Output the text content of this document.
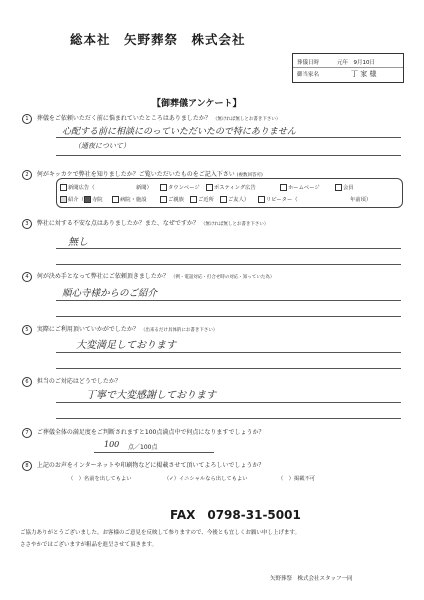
総本社　矢野葬祭　株式会社
葬儀日時	元年　9月10日
御当家名	丁 家 様
【御葬儀アンケート】
1 葬儀をご依頼いただく前に悩まれていたところはありましたか？ （無ければ無しとお書き下さい）
心配する前に相談にのっていただいたので特にありません
（通夜について）
2 何がキッカケで弊社を知りましたか？ご覧いただいたものをご記入下さい (複数回答可)
新聞広告（	新聞）	タウンページ	ポスティング広告	ホームページ	会員
紹介（	寺院	病院・施設	ご親族	ご近所	ご友人）	リピーター（	年前頃）
3 弊社に対する不安な点はありましたか？また、なぜですか？ （無ければ無しとお書き下さい）
無し
4 何が決め手となって弊社にご依頼頂きましたか？ （例・電話対応・打合せ時の対応・知っていた為）
順心寺様からのご紹介
5 実際にご利用頂いていかがでしたか？ （出来るだけ具体的にお書き下さい）
大変満足しております
6 担当のご対応はどうでしたか？
丁寧で大変感謝しております
7 ご葬儀全体の満足度をご判断されますと100点満点中で何点になりますでしょうか？
100 点／100点
8 上記のお声をインターネットや印刷物などに掲載させて頂いてよろしいでしょうか？
（　）名前を出してもよい	（✓）イニシャルなら出してもよい	（　）掲載不可
FAX　0798-31-5001
ご協力ありがとうございました。お客様のご意見を反映して参りますので、今後とも宜しくお願い申し上げます。
ささやかではございますが粗品を進呈させて頂きます。
矢野葬祭　株式会社スタッフ一同
